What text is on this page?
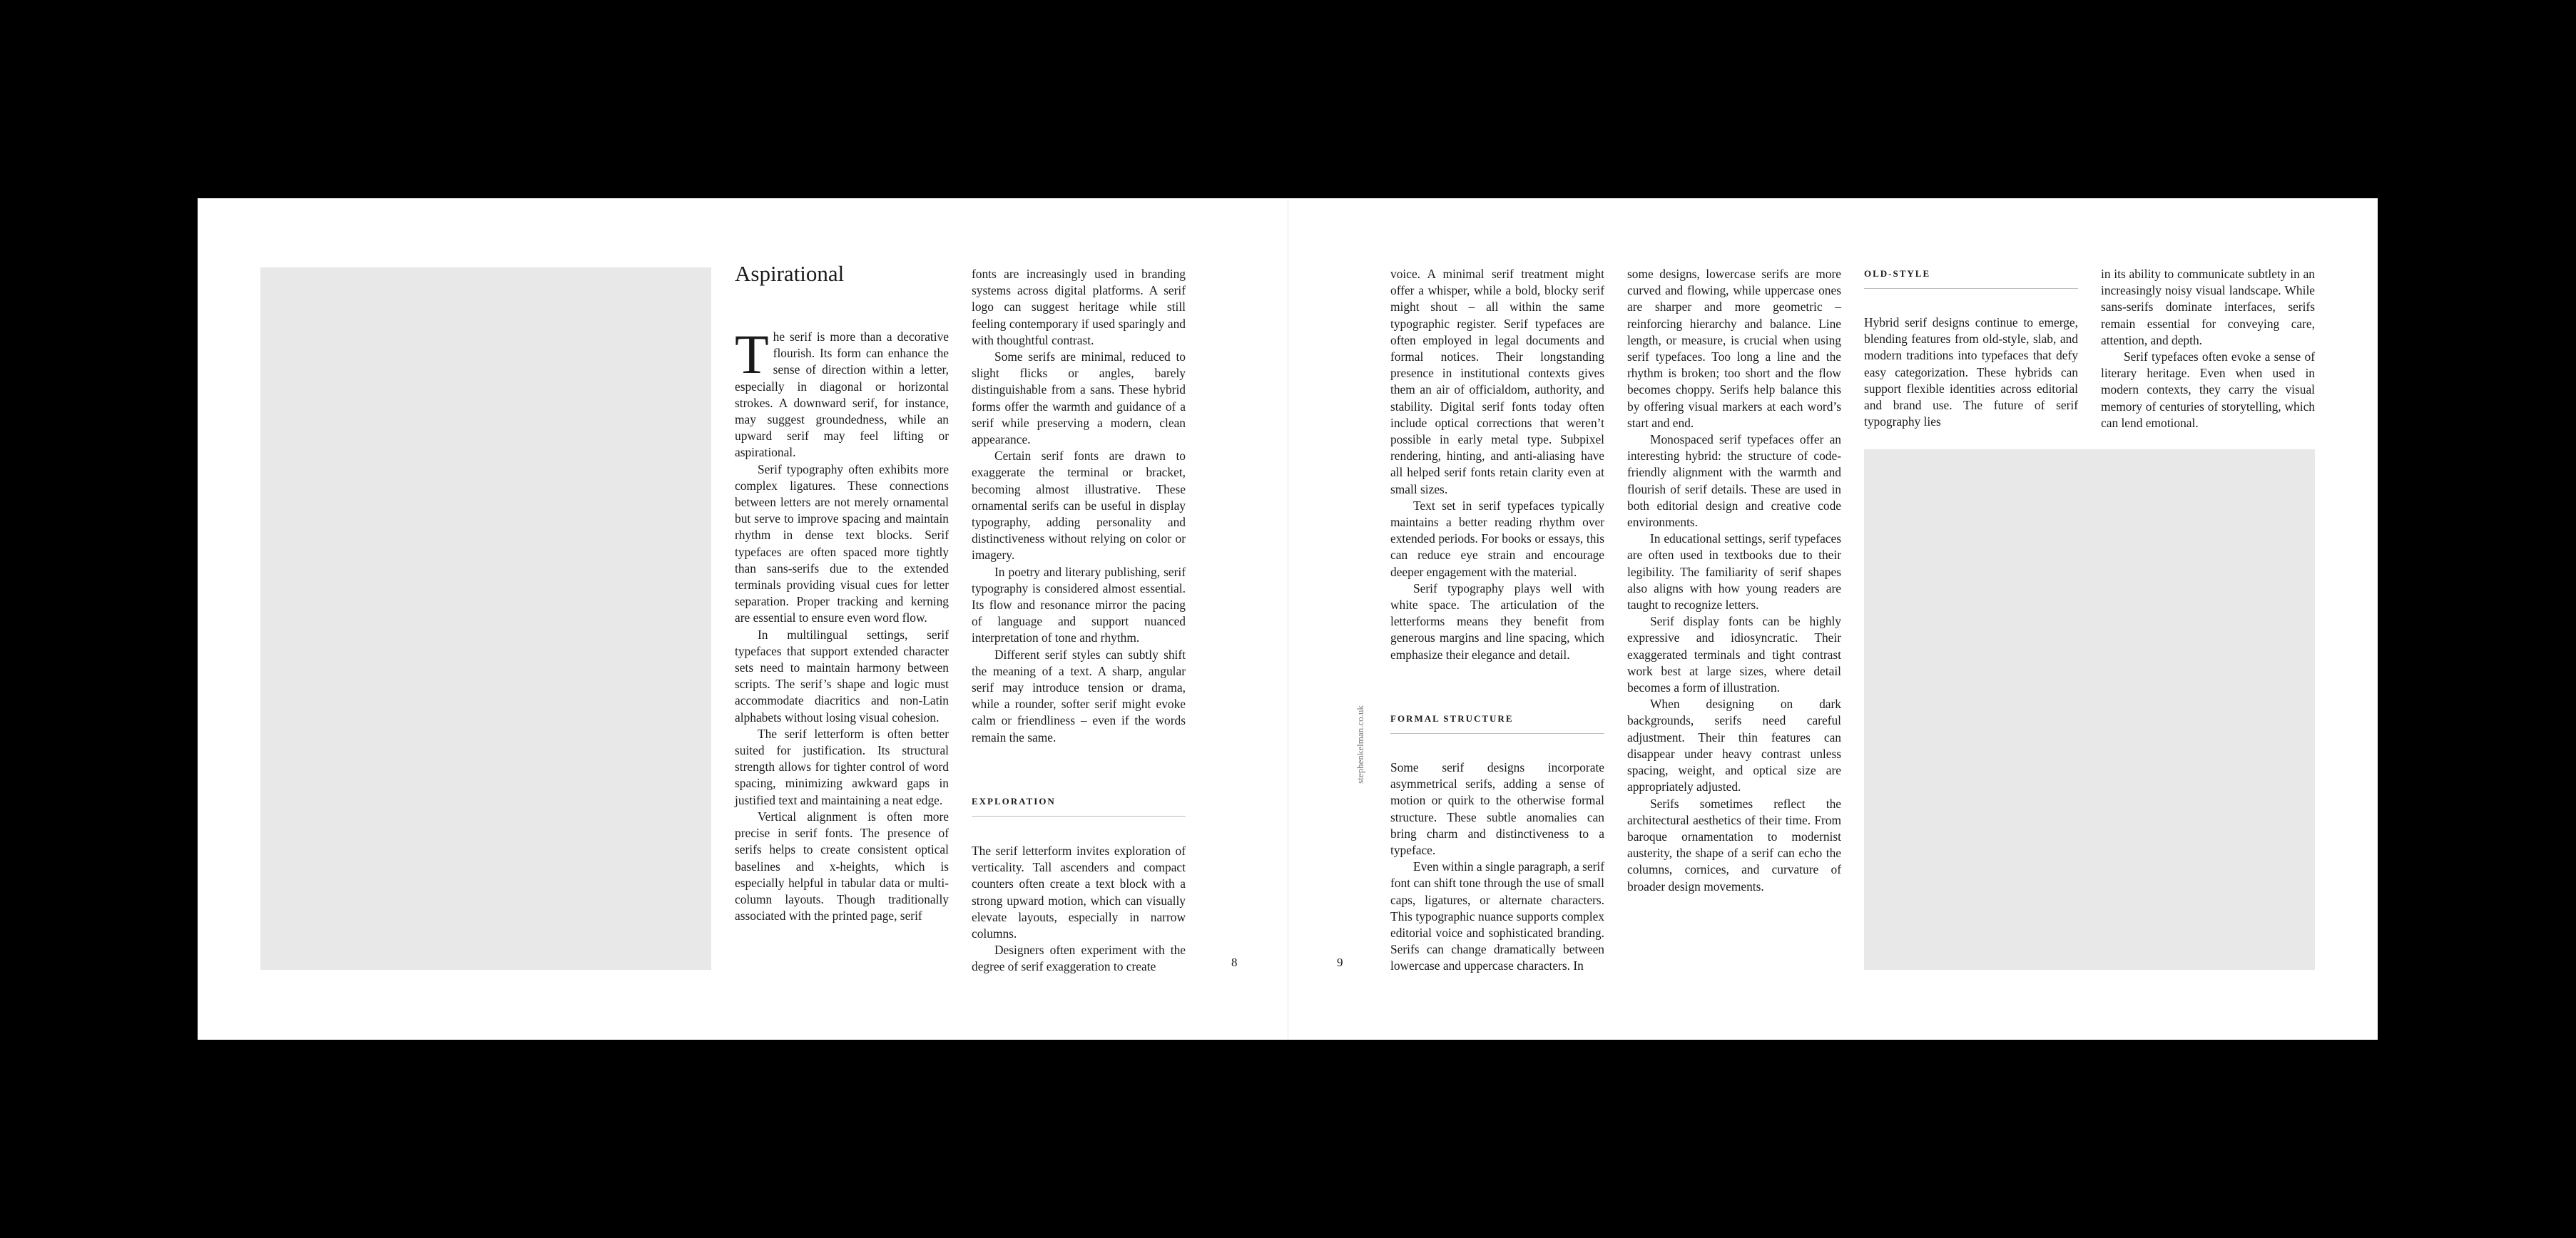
Aspirational

The serif is more than a decorative flourish. Its form can enhance the sense of direction within a letter, especially in diagonal or horizontal strokes. A downward serif, for instance, may suggest groundedness, while an upward serif may feel lifting or aspirational.

Serif typography often exhibits more complex ligatures. These connections between letters are not merely ornamental but serve to improve spacing and maintain rhythm in dense text blocks. Serif typefaces are often spaced more tightly than sans-serifs due to the extended terminals providing visual cues for letter separation. Proper tracking and kerning are essential to ensure even word flow.

In multilingual settings, serif typefaces that support extended character sets need to maintain harmony between scripts. The serif’s shape and logic must accommodate diacritics and non-Latin alphabets without losing visual cohesion.

The serif letterform is often better suited for justification. Its structural strength allows for tighter control of word spacing, minimizing awkward gaps in justified text and maintaining a neat edge.

Vertical alignment is often more precise in serif fonts. The presence of serifs helps to create consistent optical baselines and x-heights, which is especially helpful in tabular data or multi-column layouts. Though traditionally associated with the printed page, serif

fonts are increasingly used in branding systems across digital platforms. A serif logo can suggest heritage while still feeling contemporary if used sparingly and with thoughtful contrast.

Some serifs are minimal, reduced to slight flicks or angles, barely distinguishable from a sans. These hybrid forms offer the warmth and guidance of a serif while preserving a modern, clean appearance.

Certain serif fonts are drawn to exaggerate the terminal or bracket, becoming almost illustrative. These ornamental serifs can be useful in display typography, adding personality and distinctiveness without relying on color or imagery.

In poetry and literary publishing, serif typography is considered almost essential. Its flow and resonance mirror the pacing of language and support nuanced interpretation of tone and rhythm.

Different serif styles can subtly shift the meaning of a text. A sharp, angular serif may introduce tension or drama, while a rounder, softer serif might evoke calm or friendliness – even if the words remain the same.

EXPLORATION

The serif letterform invites exploration of verticality. Tall ascenders and compact counters often create a text block with a strong upward motion, which can visually elevate layouts, especially in narrow columns.

Designers often experiment with the degree of serif exaggeration to create	8	9
stephenkelman.co.uk

voice. A minimal serif treatment might offer a whisper, while a bold, blocky serif might shout – all within the same typographic register. Serif typefaces are often employed in legal documents and formal notices. Their longstanding presence in institutional contexts gives them an air of officialdom, authority, and stability. Digital serif fonts today often include optical corrections that weren’t possible in early metal type. Subpixel rendering, hinting, and anti-aliasing have all helped serif fonts retain clarity even at small sizes.

Text set in serif typefaces typically maintains a better reading rhythm over extended periods. For books or essays, this can reduce eye strain and encourage deeper engagement with the material.

Serif typography plays well with white space. The articulation of the letterforms means they benefit from generous margins and line spacing, which emphasize their elegance and detail.

FORMAL STRUCTURE

Some serif designs incorporate asymmetrical serifs, adding a sense of motion or quirk to the otherwise formal structure. These subtle anomalies can bring charm and distinctiveness to a typeface.

Even within a single paragraph, a serif font can shift tone through the use of small caps, ligatures, or alternate characters. This typographic nuance supports complex editorial voice and sophisticated branding. Serifs can change dramatically between lowercase and uppercase characters. In

some designs, lowercase serifs are more curved and flowing, while uppercase ones are sharper and more geometric – reinforcing hierarchy and balance. Line length, or measure, is crucial when using serif typefaces. Too long a line and the rhythm is broken; too short and the flow becomes choppy. Serifs help balance this by offering visual markers at each word’s start and end.

Monospaced serif typefaces offer an interesting hybrid: the structure of code-friendly alignment with the warmth and flourish of serif details. These are used in both editorial design and creative code environments.

In educational settings, serif typefaces are often used in textbooks due to their legibility. The familiarity of serif shapes also aligns with how young readers are taught to recognize letters.

Serif display fonts can be highly expressive and idiosyncratic. Their exaggerated terminals and tight contrast work best at large sizes, where detail becomes a form of illustration.

When designing on dark backgrounds, serifs need careful adjustment. Their thin features can disappear under heavy contrast unless spacing, weight, and optical size are appropriately adjusted.

Serifs sometimes reflect the architectural aesthetics of their time. From baroque ornamentation to modernist austerity, the shape of a serif can echo the columns, cornices, and curvature of broader design movements.

OLD-STYLE

Hybrid serif designs continue to emerge, blending features from old-style, slab, and modern traditions into typefaces that defy easy categorization. These hybrids can support flexible identities across editorial and brand use. The future of serif typography lies

in its ability to communicate subtlety in an increasingly noisy visual landscape. While sans-serifs dominate interfaces, serifs remain essential for conveying care, attention, and depth.

Serif typefaces often evoke a sense of literary heritage. Even when used in modern contexts, they carry the visual memory of centuries of storytelling, which can lend emotional.
